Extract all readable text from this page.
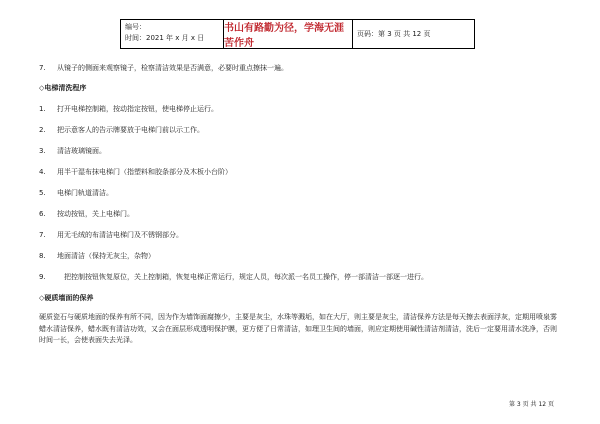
编号：
时间：2021 年 x 月 x 日
书山有路勤为径，学海无涯苦作舟
页码：第 3 页 共 12 页
7. 从镜子的侧面来观察镜子，检察清洁效果是否满意，必要时重点擦抹一遍。
◇电梯清洗程序
1. 打开电梯控制箱，按动指定按钮，使电梯停止运行。
2. 把示意客人的告示牌要放于电梯门前以示工作。
3. 清洁玻璃镜面。
4. 用半干湿布抹电梯门（指塑料和胶条部分及木板小台阶）
5. 电梯门轨道清洁。
6. 按动按钮，关上电梯门。
7. 用无毛绒的布清洁电梯门及不锈钢部分。
8. 地面清洁（保持无灰尘，杂物）
9.　把控制按钮恢复原位，关上控制箱，恢复电梯正常运行，规定人员，每次派一名员工操作，停一部清洁一部逐一进行。
◇硬质墙面的保养
硬质瓷石与硬质地面的保养有所不同，因为作为墙饰面腐擦少，主要是灰尘，水珠等溅垢，如在大厅，则主要是灰尘，清洁保养方法是每天擦去表面浮灰，定期用喷泉雾蜡水清洁保养，蜡水既有清洁功效，又会在面层形成透明保护膜，更方便了日常清洁，如理卫生间的墙面，则应定期使用碱性清洁剂清洁，洗后一定要用清水洗净，否则时间一长，会使表面失去光泽。
第 3 页 共 12 页
